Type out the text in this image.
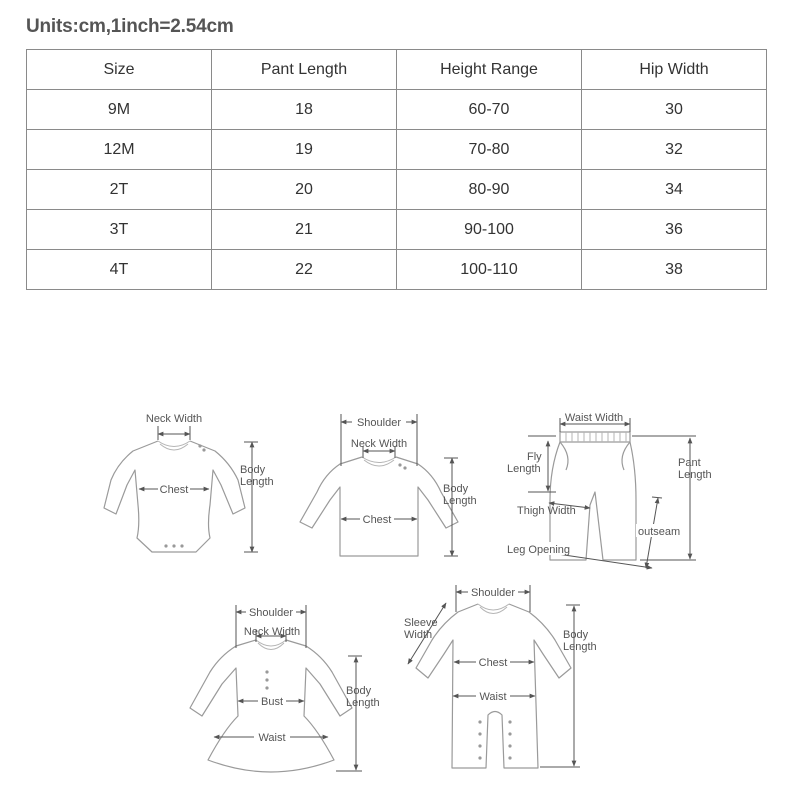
Units:cm,1inch=2.54cm
Size	Pant Length	Height Range	Hip Width
9M	18	60-70	30
12M	19	70-80	32
2T	20	80-90	34
3T	21	90-100	36
4T	22	100-110	38
Neck Width
Body
Length
Chest
Shoulder
Neck Width
Body
Length
Chest
Waist Width
Fly
Length	Pant
Length
Thigh Width
outseam
Leg Opening
Shoulder
Neck Width
Body
Length
Bust
Waist
Shoulder
Sleeve
Width	Body
Length
Chest
Waist
